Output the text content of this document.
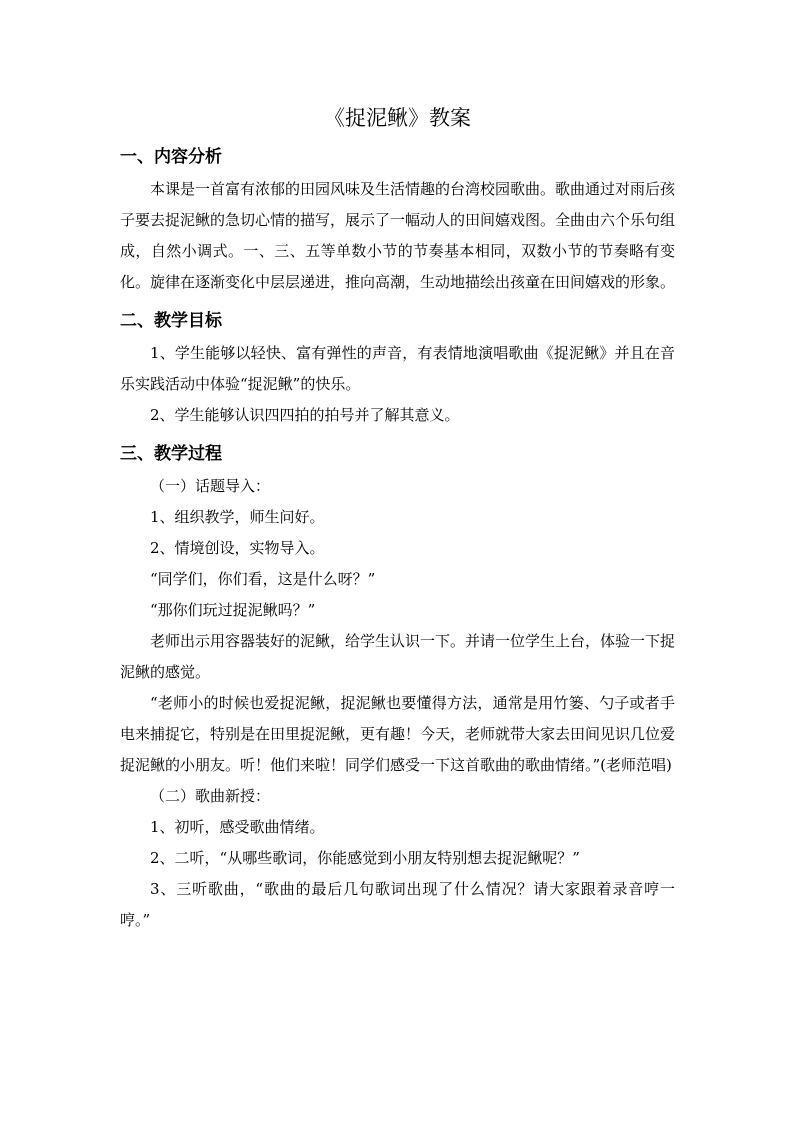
《捉泥鳅》教案
一、内容分析

本课是一首富有浓郁的田园风味及生活情趣的台湾校园歌曲。歌曲通过对雨后孩子要去捉泥鳅的急切心情的描写，展示了一幅动人的田间嬉戏图。全曲由六个乐句组成，自然小调式。一、三、五等单数小节的节奏基本相同，双数小节的节奏略有变化。旋律在逐渐变化中层层递进，推向高潮，生动地描绘出孩童在田间嬉戏的形象。

二、教学目标

1、学生能够以轻快、富有弹性的声音，有表情地演唱歌曲《捉泥鳅》并且在音乐实践活动中体验“捉泥鳅”的快乐。

2、学生能够认识四四拍的拍号并了解其意义。

三、教学过程

（一）话题导入：

1、组织教学，师生问好。

2、情境创设，实物导入。

“同学们，你们看，这是什么呀？”

“那你们玩过捉泥鳅吗？”

老师出示用容器装好的泥鳅，给学生认识一下。并请一位学生上台，体验一下捉泥鳅的感觉。

“老师小的时候也爱捉泥鳅，捉泥鳅也要懂得方法，通常是用竹篓、勺子或者手电来捕捉它，特别是在田里捉泥鳅，更有趣！今天，老师就带大家去田间见识几位爱捉泥鳅的小朋友。听！他们来啦！同学们感受一下这首歌曲的歌曲情绪。”(老师范唱)

（二）歌曲新授：

1、初听，感受歌曲情绪。

2、二听，“从哪些歌词，你能感觉到小朋友特别想去捉泥鳅呢？”

3、三听歌曲，“歌曲的最后几句歌词出现了什么情况？请大家跟着录音哼一哼。”
